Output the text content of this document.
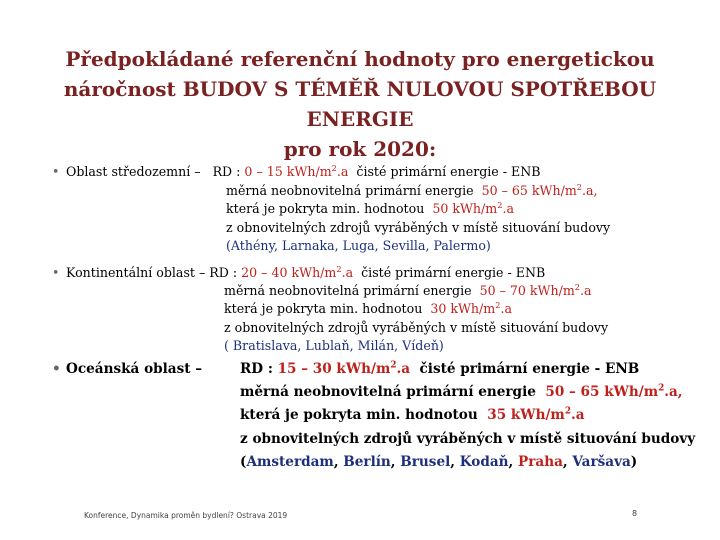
Předpokládané referenční hodnoty pro energetickou
náročnost BUDOV S TÉMĚŘ NULOVOU SPOTŘEBOU ENERGIE
pro rok 2020:
• Oblast středozemní – RD : 0 – 15 kWh/$m^2.a$ čisté primární energie - ENB
měrná neobnovitelná primární energie 50 – 65 kWh/$m^2.a$,
která je pokryta min. hodnotou 50 kWh/$m^2.a$
z obnovitelných zdrojů vyráběných v místě situování budovy
(Athény, Larnaka, Luga, Sevilla, Palermo)
• Kontinentální oblast – RD : 20 – 40 kWh/$m^2.a$ čisté primární energie - ENB
měrná neobnovitelná primární energie 50 – 70 kWh/$m^2.a$
která je pokryta min. hodnotou 30 kWh/$m^2.a$
z obnovitelných zdrojů vyráběných v místě situování budovy
( Bratislava, Lublaň, Milán, Vídeň)
• Oceánská oblast –	RD : 15 – 30 kWh/$m^2.a$ čisté primární energie - ENB
měrná neobnovitelná primární energie 50 – 65 kWh/$m^2.a$,
která je pokryta min. hodnotou 35 kWh/$m^2.a$
z obnovitelných zdrojů vyráběných v místě situování budovy
(Amsterdam, Berlín, Brusel, Kodaň, Praha, Varšava)
Konference, Dynamika proměn bydlení? Ostrava 2019	8
